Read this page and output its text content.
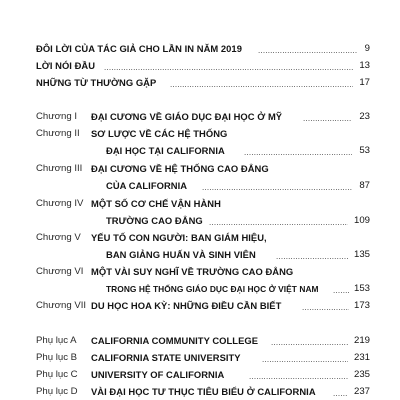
ĐÔI LỜI CỦA TÁC GIẢ CHO LẦN IN NĂM 2019 .....	9
LỜI NÓI ĐẦU .....	13
NHỮNG TỪ THƯỜNG GẶP .....	17
Chương I ĐẠI CƯƠNG VỀ GIÁO DỤC ĐẠI HỌC Ở MỸ .....	23
Chương II SƠ LƯỢC VỀ CÁC HỆ THỐNG
ĐẠI HỌC TẠI CALIFORNIA .....	53
Chương III ĐẠI CƯƠNG VỀ HỆ THỐNG CAO ĐẲNG
CỦA CALIFORNIA .....	87
Chương IV MỘT SỐ CƠ CHẾ VẬN HÀNH
TRƯỜNG CAO ĐẲNG .....	109
Chương V YẾU TỐ CON NGƯỜI: BAN GIÁM HIỆU,
BAN GIẢNG HUẤN VÀ SINH VIÊN .....	135
Chương VI MỘT VÀI SUY NGHĨ VỀ TRƯỜNG CAO ĐẲNG
TRONG HỆ THỐNG GIÁO DỤC ĐẠI HỌC Ở VIỆT NAM .....	153
Chương VII DU HỌC HOA KỲ: NHỮNG ĐIỀU CẦN BIẾT .....	173
Phụ lục A CALIFORNIA COMMUNITY COLLEGE .....	219
Phụ lục B CALIFORNIA STATE UNIVERSITY .....	231
Phụ lục C UNIVERSITY OF CALIFORNIA .....	235
Phụ lục D VÀI ĐẠI HỌC TƯ THỤC TIÊU BIỂU Ở CALIFORNIA .....	237
